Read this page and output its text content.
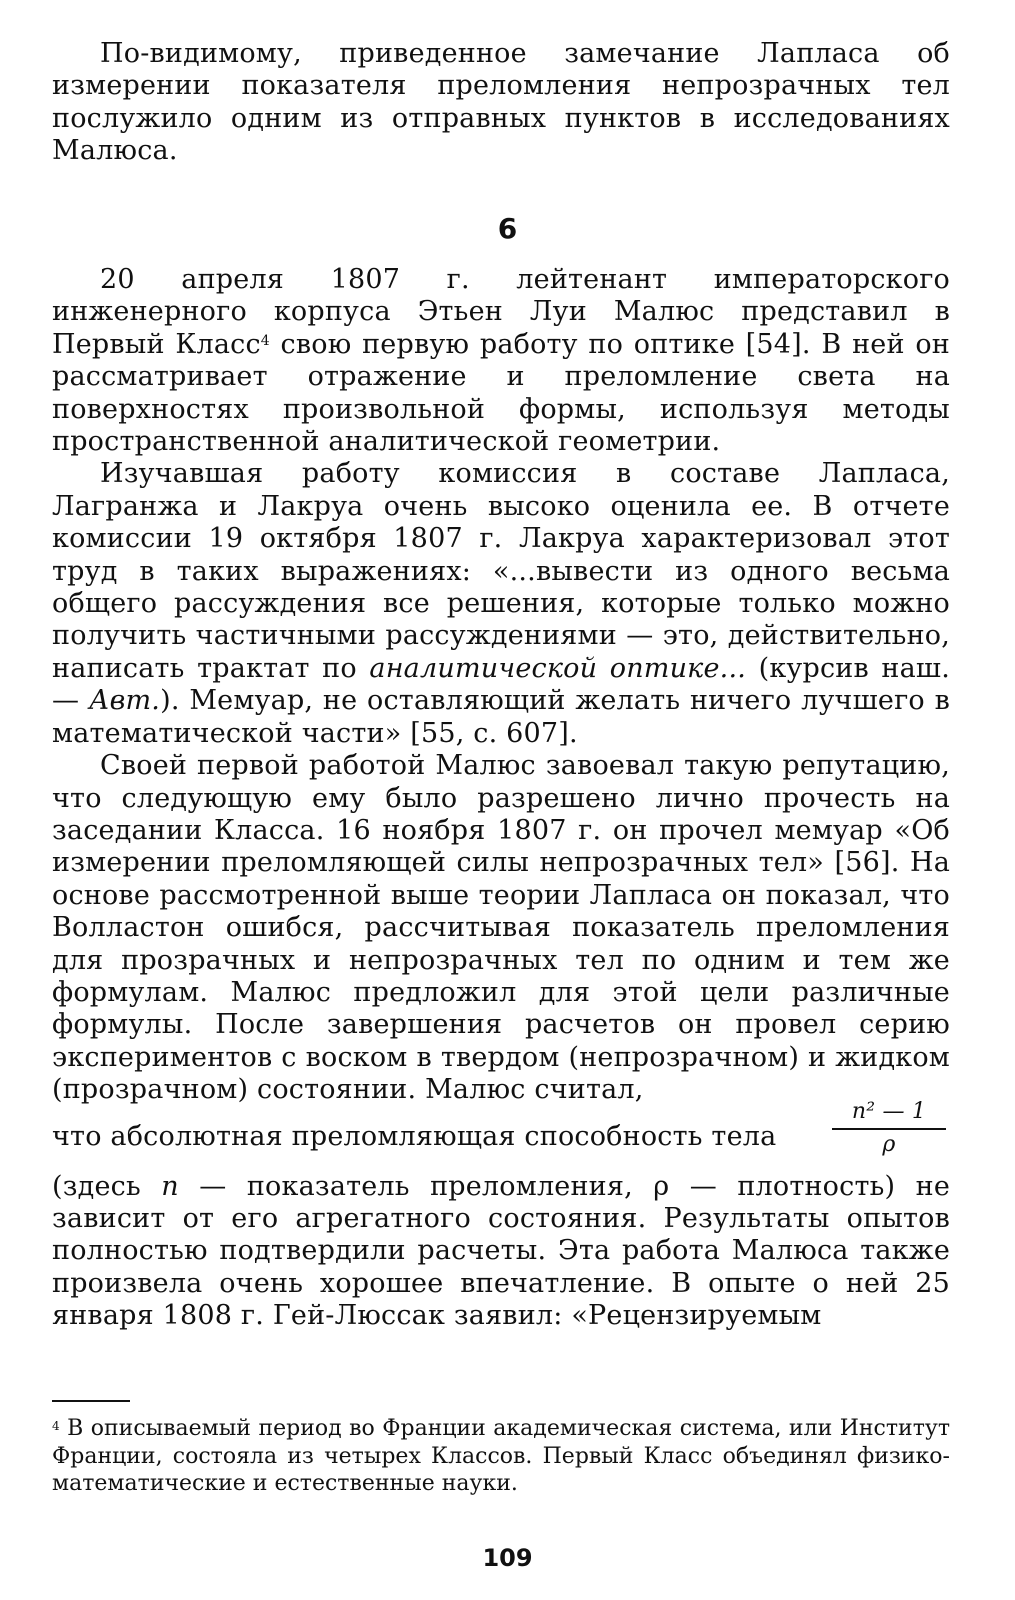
По-видимому, приведенное замечание Лапласа об измерении показателя преломления непрозрачных тел послужило одним из отправных пунктов в исследованиях Малюса.

6

20 апреля 1807 г. лейтенант императорского инженерного корпуса Этьен Луи Малюс представил в Первый Класс$^4$ свою первую работу по оптике [54]. В ней он рассматривает отражение и преломление света на поверхностях произвольной формы, используя методы пространственной аналитической геометрии.

Изучавшая работу комиссия в составе Лапласа, Лагранжа и Лакруа очень высоко оценила ее. В отчете комиссии 19 октября 1807 г. Лакруа характеризовал этот труд в таких выражениях: «...вывести из одного весьма общего рассуждения все решения, которые только можно получить частичными рассуждениями — это, действительно, написать трактат по аналитической оптике... (курсив наш.— Авт.). Мемуар, не оставляющий желать ничего лучшего в математической части» [55, с. 607].

Своей первой работой Малюс завоевал такую репутацию, что следующую ему было разрешено лично прочесть на заседании Класса. 16 ноября 1807 г. он прочел мемуар «Об измерении преломляющей силы непрозрачных тел» [56]. На основе рассмотренной выше теории Лапласа он показал, что Волластон ошибся, рассчитывая показатель преломления для прозрачных и непрозрачных тел по одним и тем же формулам. Малюс предложил для этой цели различные формулы. После завершения расчетов он провел серию экспериментов с воском в твердом (непрозрачном) и жидком (прозрачном) состоянии. Малюс считал,

что абсолютная преломляющая способность тела
n² — 1
ρ

(здесь n — показатель преломления, ρ — плотность) не зависит от его агрегатного состояния. Результаты опытов полностью подтвердили расчеты. Эта работа Малюса также произвела очень хорошее впечатление. В опыте о ней 25 января 1808 г. Гей-Люссак заявил: «Рецензируемым

$^4$ В описываемый период во Франции академическая система, или Институт Франции, состояла из четырех Классов. Первый Класс объединял физико-математические и естественные науки.
109
